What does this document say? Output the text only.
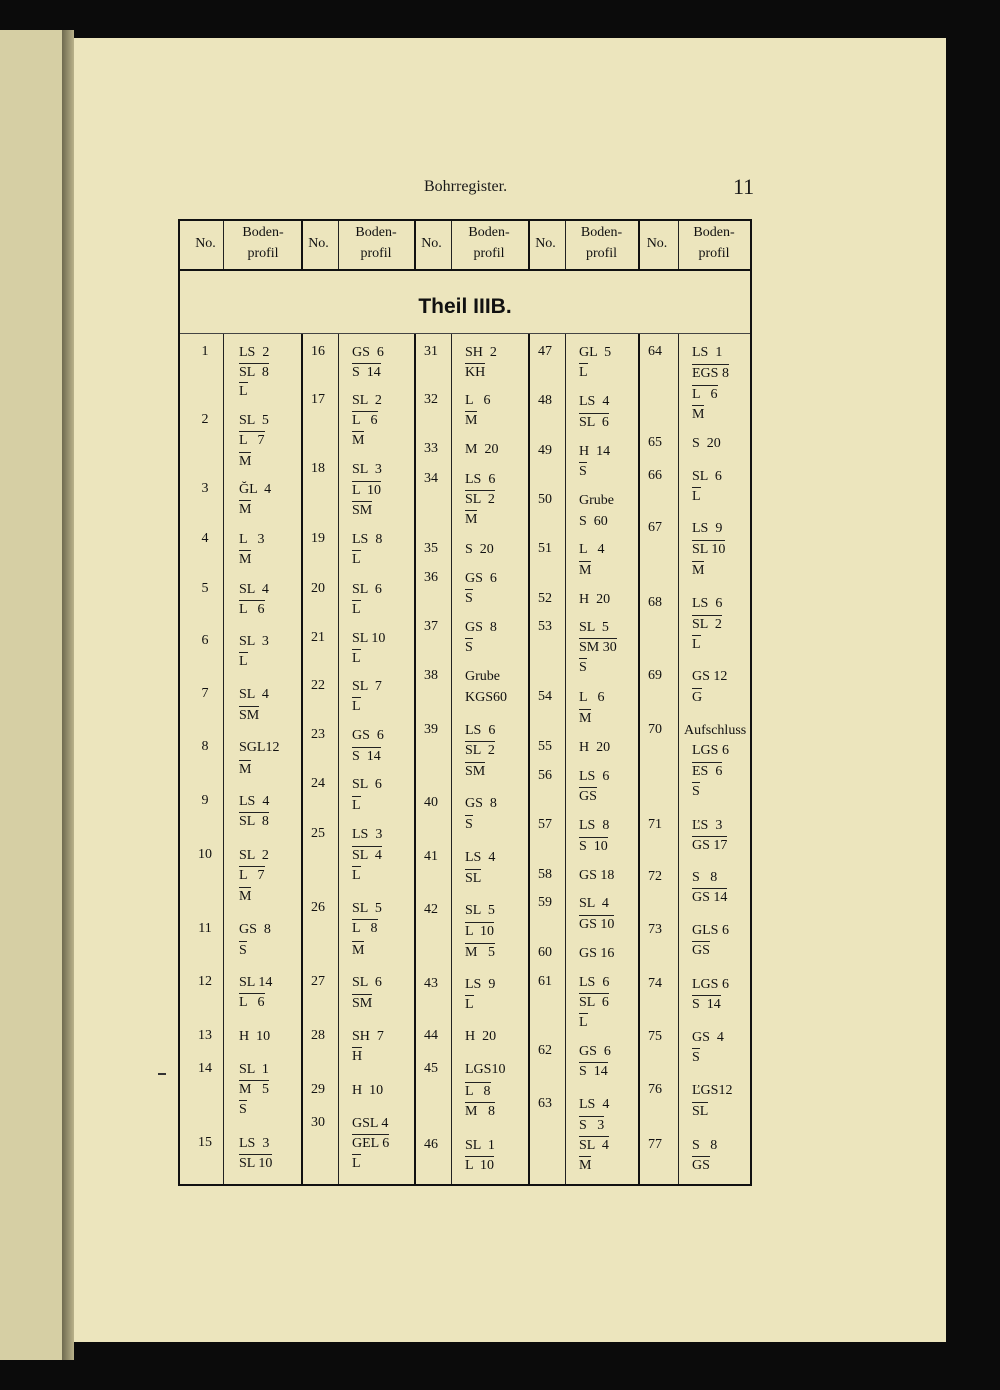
Bohrregister.	11
Theil IIIB.
No.
Boden-
profil
No.
Boden-
profil
No.
Boden-
profil
No.
Boden-
profil
No.
Boden-
profil
1
2
3
4
5
6
7
8
9
10
11
12
13
14
15
LS  2
SL  8
L
SL  5
L   7
M
ĞL  4
M
L   3
M
SL  4
L   6
SL  3
L
SL  4
SM
SGL12
M
LS  4
SL  8
SL  2
L   7
M
GS  8
S
SL 14
L   6
H  10
SL  1
M   5
S
LS  3
SL 10
16
17
18
19
20
21
22
23
24
25
26
27
28
29
30
GS  6
S  14
SL  2
L   6
M
SL  3
L  10
SM
LS  8
L
SL  6
L
SL 10
L
SL  7
L
GS  6
S  14
SL  6
L
LS  3
SL  4
L
SL  5
L   8
M
SL  6
SM
SH  7
H
H  10
GSL 4
GEL 6
L
31
32
33
34
35
36
37
38
39
40
41
42
43
44
45
46
SH  2
KH
L   6
M
M  20
LS  6
SL  2
M
S  20
GS  6
S
GS  8
S
Grube
KGS60
LS  6
SL  2
SM
GS  8
S
LS  4
SL
SL  5
L  10
M   5
LS  9
L
H  20
LGS10
L   8
M   8
SL  1
L  10
47
48
49
50
51
52
53
54
55
56
57
58
59
60
61
62
63
GL  5
L
LS  4
SL  6
H  14
S
Grube
S  60
L   4
M
H  20
SL  5
SM 30
S
L   6
M
H  20
LS  6
GS
LS  8
S  10
GS 18
SL  4
GS 10
GS 16
LS  6
SL  6
L
GS  6
S  14
LS  4
S   3
SL  4
M
64
65
66
67
68
69
70
71
72
73
74
75
76
77
LS  1
EGS 8
L   6
M
S  20
SL  6
L
LS  9
SL 10
M
LS  6
SL  2
L
GS 12
G
Aufschluss
LGS 6
ES  6
S
ĽS  3
GS 17
S   8
GS 14
GLS 6
GS
LGS 6
S  14
GS  4
S
ĽGS12
SL
S   8
GS
